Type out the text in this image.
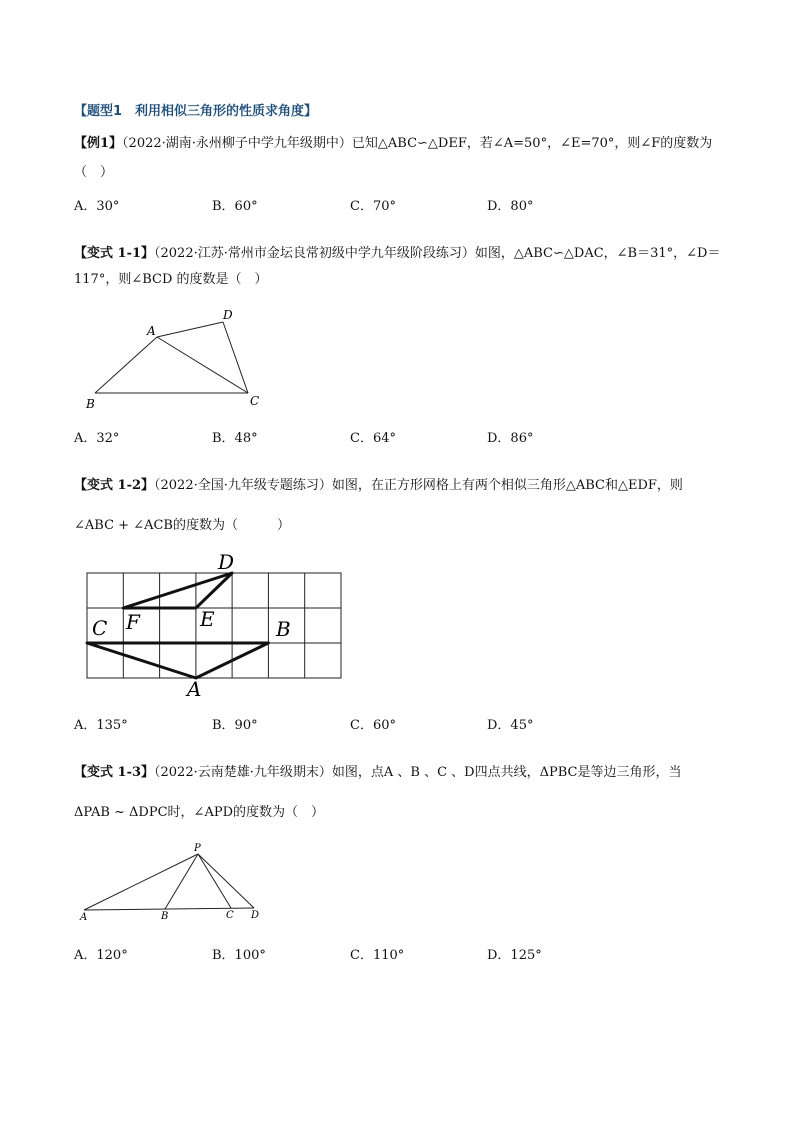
【题型1　利用相似三角形的性质求角度】
【例1】（2022·湖南·永州柳子中学九年级期中）已知△ABC∽△DEF，若∠A=50°，∠E=70°，则∠F的度数为
（　）
A．30°	B．60°	C．70°	D．80°
【变式 1-1】（2022·江苏·常州市金坛良常初级中学九年级阶段练习）如图，△ABC∽△DAC，∠B＝31°，∠D＝
117°，则∠BCD 的度数是（　）
A
B	C
D
A．32°	B．48°	C．64°	D．86°
【变式 1-2】（2022·全国·九年级专题练习）如图，在正方形网格上有两个相似三角形△ABC和△EDF，则
∠ABC + ∠ACB的度数为（　　　）
D
C F	E	B
A
A．135°	B．90°	C．60°	D．45°
【变式 1-3】（2022·云南楚雄·九年级期末）如图，点A 、B 、C 、D四点共线，ΔPBC是等边三角形，当
ΔPAB ~ ΔDPC时，∠APD的度数为（　）
P
A	B	C D
A．120°	B．100°	C．110°	D．125°
